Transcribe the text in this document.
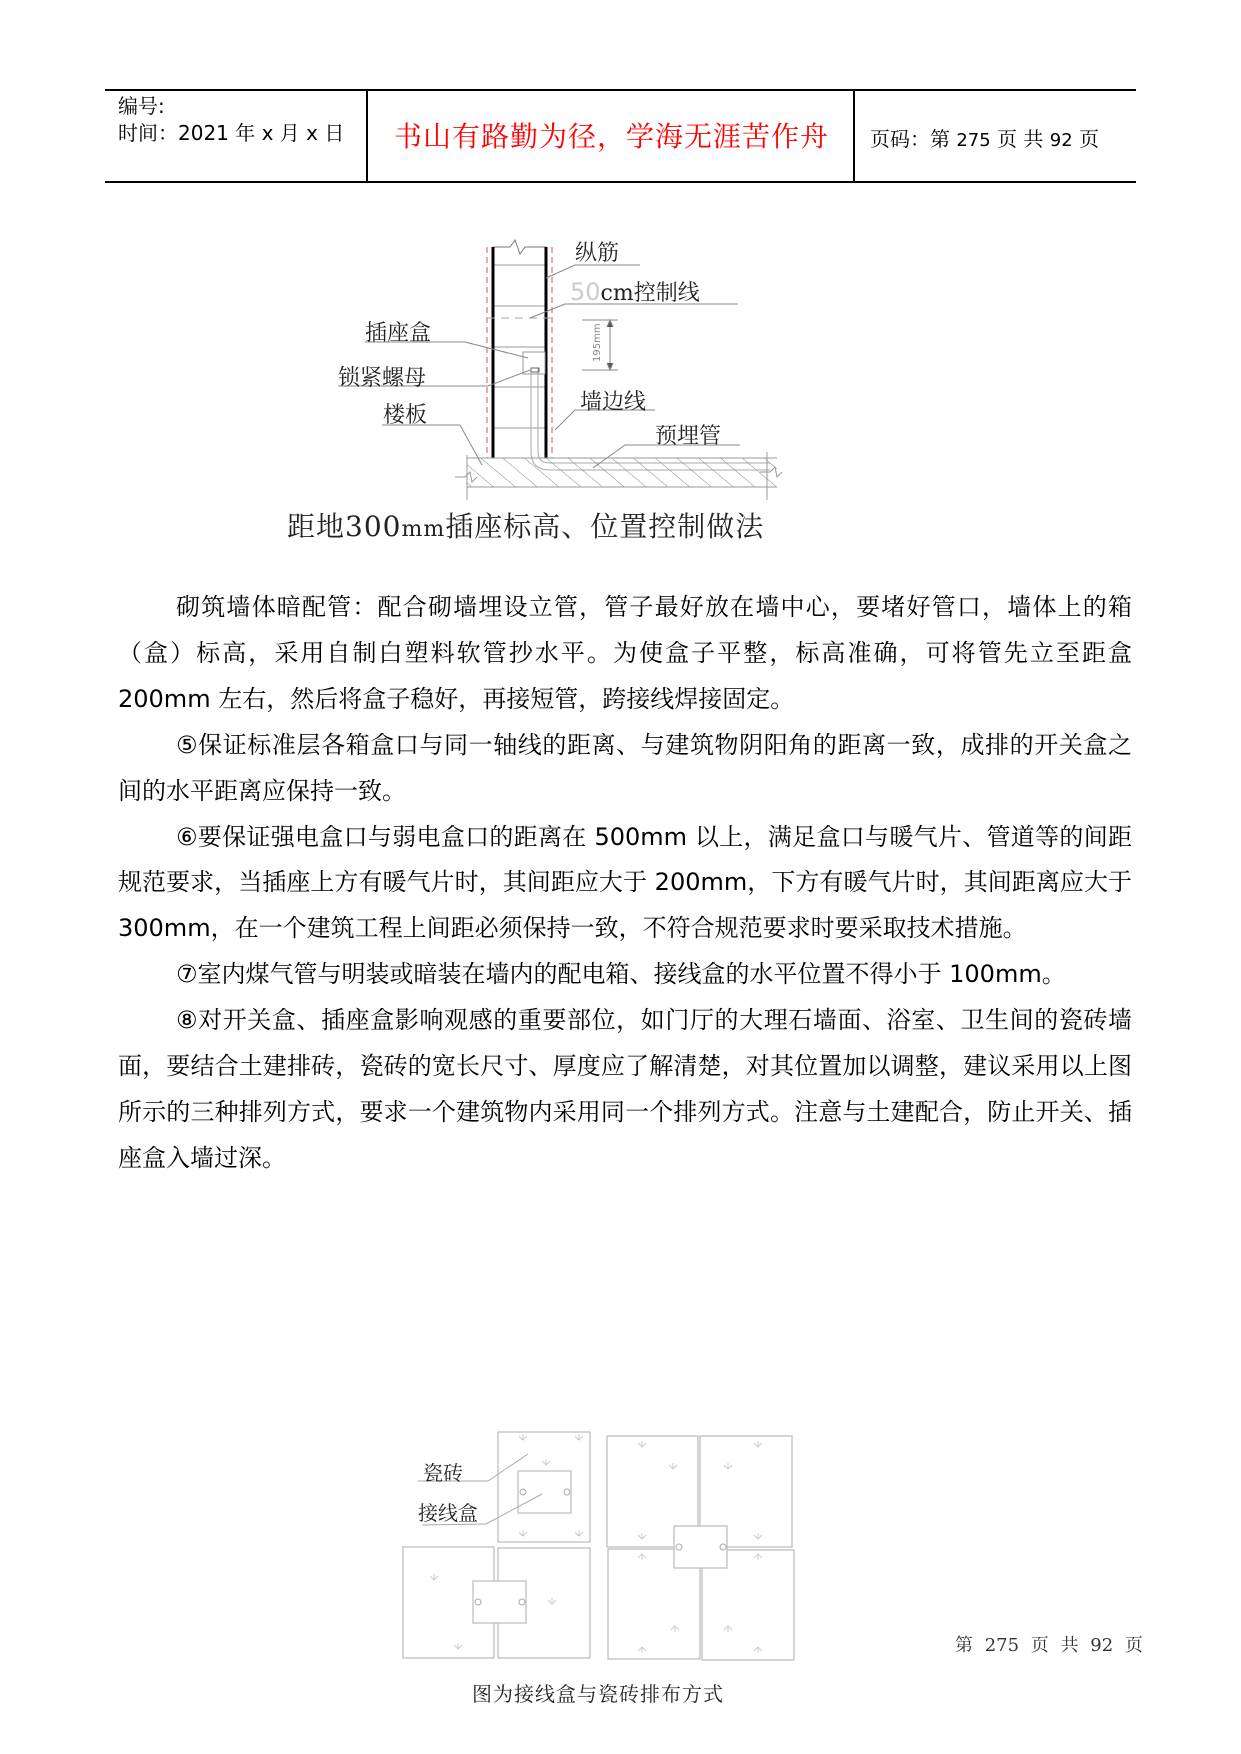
编号:
时间：2021 年 x 月 x 日	书山有路勤为径，学海无涯苦作舟	页码：第 275 页 共 92 页
195mm
纵筋
50cm控制线
插座盒
锁紧螺母
楼板
墙边线
预埋管
距地300mm插座标高、位置控制做法

砌筑墙体暗配管：配合砌墙埋设立管，管子最好放在墙中心，要堵好管口，墙体上的箱（盒）标高，采用自制白塑料软管抄水平。为使盒子平整，标高准确，可将管先立至距盒 200mm 左右，然后将盒子稳好，再接短管，跨接线焊接固定。

⑤保证标准层各箱盒口与同一轴线的距离、与建筑物阴阳角的距离一致，成排的开关盒之间的水平距离应保持一致。

⑥要保证强电盒口与弱电盒口的距离在 500mm 以上，满足盒口与暖气片、管道等的间距规范要求，当插座上方有暖气片时，其间距应大于 200mm，下方有暖气片时，其间距离应大于 300mm，在一个建筑工程上间距必须保持一致，不符合规范要求时要采取技术措施。

⑦室内煤气管与明装或暗装在墙内的配电箱、接线盒的水平位置不得小于 100mm。

⑧对开关盒、插座盒影响观感的重要部位，如门厅的大理石墙面、浴室、卫生间的瓷砖墙面，要结合土建排砖，瓷砖的宽长尺寸、厚度应了解清楚，对其位置加以调整，建议采用以上图所示的三种排列方式，要求一个建筑物内采用同一个排列方式。注意与土建配合，防止开关、插座盒入墙过深。

瓷砖
接线盒
图为接线盒与瓷砖排布方式
第 275 页 共 92 页
